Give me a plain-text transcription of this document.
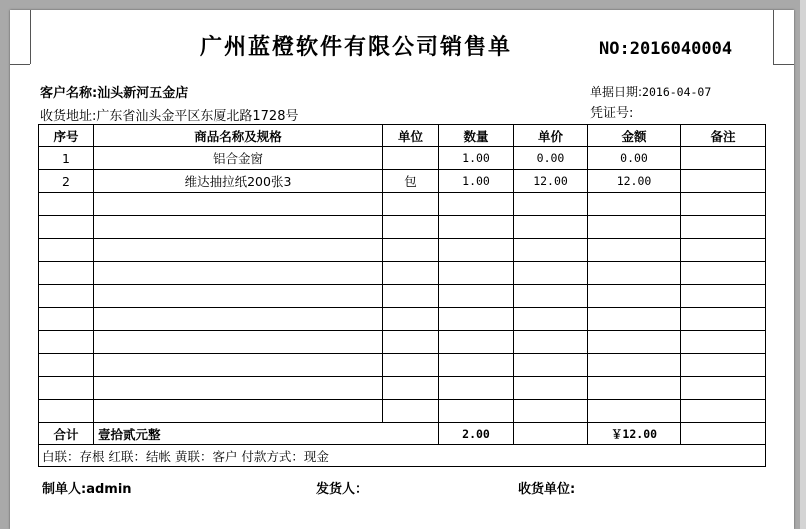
广州蓝橙软件有限公司销售单	NO:2016040004
客户名称:汕头新河五金店
收货地址:广东省汕头金平区东厦北路1728号
单据日期:2016-04-07
凭证号:
序号	商品名称及规格	单位	数量	单价	金额	备注
1	铝合金窗		1.00	0.00	0.00	
2	维达抽拉纸200张3	包	1.00	12.00	12.00	

合计	壹拾贰元整		2.00		￥12.00	
白联：存根 红联：结帐 黄联：客户 付款方式：现金						
制单人:admin	发货人：	收货单位:
